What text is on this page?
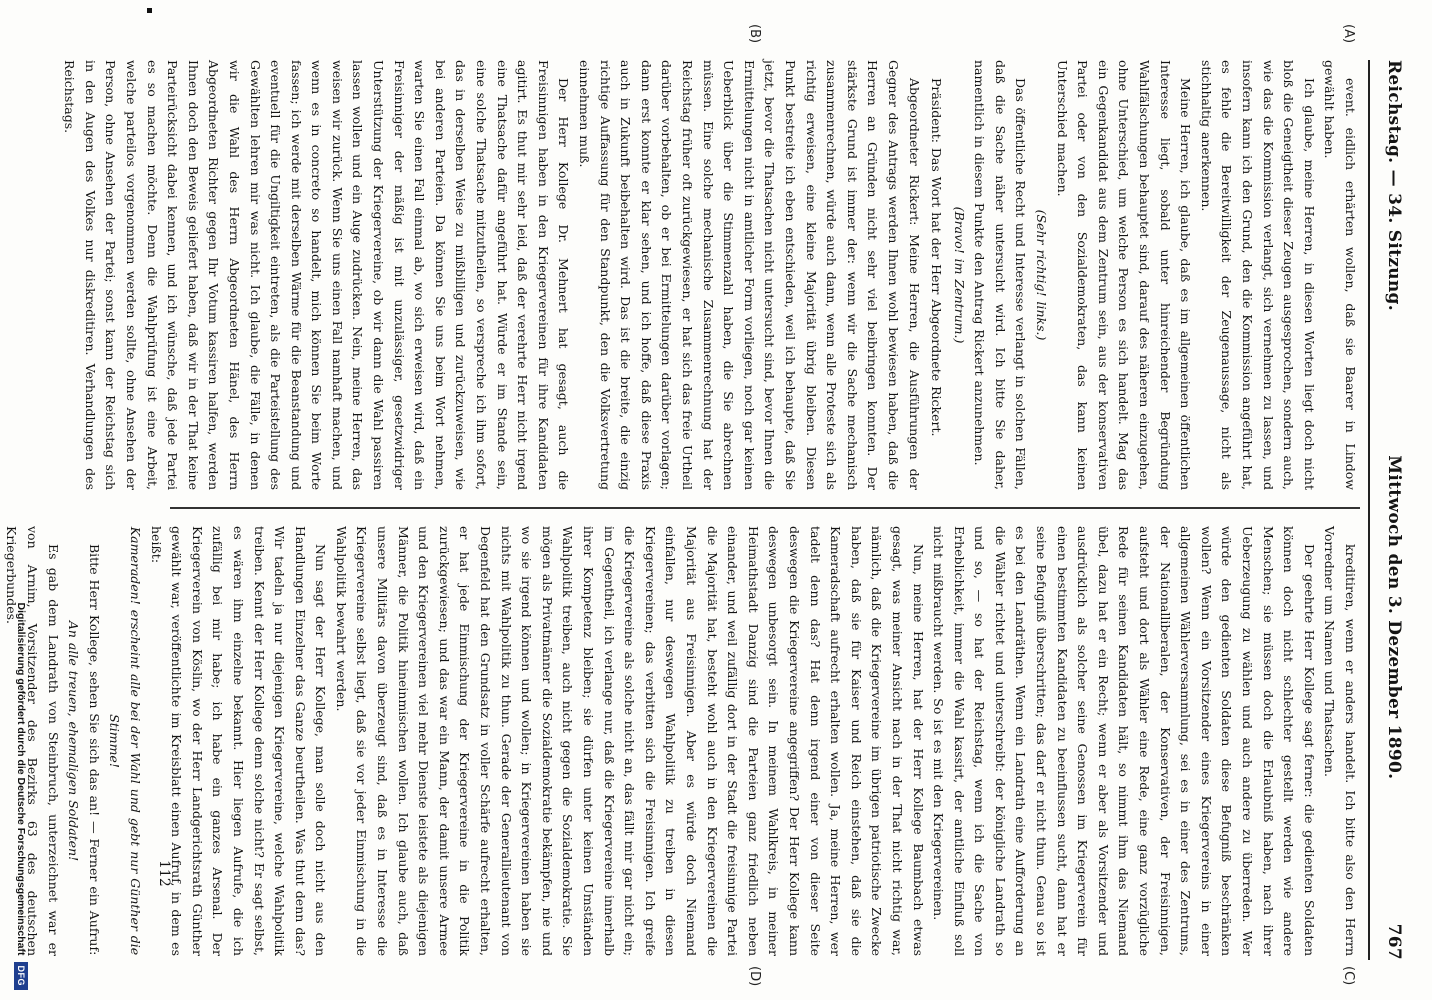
Reichstag. — 34. Sitzung.
Mittwoch den 3. Dezember 1890.
767
(A)
(B)
(C)
(D)

event. eidlich erhärten wollen, daß sie Baarer in Lindow gewählt haben.

Ich glaube, meine Herren, in diesen Worten liegt doch nicht bloß die Geneigtheit dieser Zeugen ausgesprochen, sondern auch, wie das die Kommission verlangt, sich vernehmen zu lassen, und insofern kann ich den Grund, den die Kommission angeführt hat, es fehle die Bereitwilligkeit der Zeugenaussage, nicht als stichhaltig anerkennen.

Meine Herren, ich glaube, daß es im allgemeinen öffentlichen Interesse liegt, sobald unter hinreichender Begründung Wahlfälschungen behauptet sind, darauf des näheren einzugehen, ohne Unterschied, um welche Person es sich handelt. Mag das ein Gegenkandidat aus dem Zentrum sein, aus der konservativen Partei oder von den Sozialdemokraten, das kann keinen Unterschied machen.

(Sehr richtig! links.)

Das öffentliche Recht und Interesse verlangt in solchen Fällen, daß die Sache näher untersucht wird. Ich bitte Sie daher, namentlich in diesem Punkte den Antrag Rickert anzunehmen.

(Bravo! im Zentrum.)

Präsident: Das Wort hat der Herr Abgeordnete Rickert.

Abgeordneter Rickert: Meine Herren, die Ausführungen der Gegner des Antrags werden Ihnen wohl bewiesen haben, daß die Herren an Gründen nicht sehr viel beibringen konnten. Der stärkste Grund ist immer der: wenn wir die Sache mechanisch zusammenrechnen, würde auch dann, wenn alle Proteste sich als richtig erweisen, eine kleine Majorität übrig bleiben. Diesen Punkt bestreite ich eben entschieden, weil ich behaupte, daß Sie jetzt, bevor die Thatsachen nicht untersucht sind, bevor Ihnen die Ermittelungen nicht in amtlicher Form vorliegen, noch gar keinen Ueberblick über die Stimmenzahl haben, die Sie abrechnen müssen. Eine solche mechanische Zusammenrechnung hat der Reichstag früher oft zurückgewiesen, er hat sich das freie Urtheil darüber vorbehalten, ob er bei Ermittelungen darüber vorlagen; dann erst konnte er klar sehen, und ich hoffe, daß diese Praxis auch in Zukunft beibehalten wird. Das ist die breite, die einzig richtige Auffassung für den Standpunkt, den die Volksvertretung einnehmen muß.

Der Herr Kollege Dr. Mehnert hat gesagt, auch die Freisinnigen haben in den Kriegervereinen für ihre Kandidaten agitirt. Es thut mir sehr leid, daß der verehrte Herr nicht irgend eine Thatsache dafür angeführt hat. Würde er im Stande sein, eine solche Thatsache mitzutheilen, so verspreche ich ihm sofort, das in derselben Weise zu mißbilligen und zurückzuweisen, wie bei anderen Parteien. Da können Sie uns beim Wort nehmen, warten Sie einen Fall einmal ab, wo sich erweisen wird, daß ein Freisinniger der mäßig ist mit unzulässiger, gesetzwidriger Unterstützung der Kriegervereine, ob wir dann die Wahl passiren lassen wollen und ein Auge zudrücken. Nein, meine Herren, das weisen wir zurück. Wenn Sie uns einen Fall namhaft machen, und wenn es in concreto so handelt, mich können Sie beim Worte fassen; ich werde mit derselben Wärme für die Beanstandung und eventuell für die Ungiltigkeit eintreten, als die Parteistellung des Gewählten lehren mir was nicht. Ich glaube, die Fälle, in denen wir die Wahl des Herrn Abgeordneten Hänel, des Herrn Abgeordneten Richter gegen Ihr Votum kassiren halfen, werden Ihnen doch den Beweis geliefert haben, daß wir in der That keine Parteirücksicht dabei kennen, und ich wünsche, daß jede Partei es so machen möchte. Denn die Wahlprüfung ist eine Arbeit, welche parteilos vorgenommen werden sollte, ohne Ansehen der Person, ohne Ansehen der Partei; sonst kann der Reichstag sich in den Augen des Volkes nur diskreditiren. Verhandlungen des Reichstags.

kreditiren, wenn er anders handelt. Ich bitte also den Herrn Vorredner um Namen und Thatsachen.

Der geehrte Herr Kollege sagt ferner: die gedienten Soldaten können doch nicht schlechter gestellt werden wie andere Menschen; sie müssen doch die Erlaubniß haben, nach ihrer Ueberzeugung zu wählen und auch andere zu überreden. Wer würde den gedienten Soldaten diese Befugniß beschränken wollen? Wenn ein Vorsitzender eines Kriegervereins in einer allgemeinen Wählerversammlung, sei es in einer des Zentrums, der Nationalliberalen, der Konservativen, der Freisinnigen, aufsteht und dort als Wähler eine Rede, eine ganz vorzügliche Rede für seinen Kandidaten hält, so nimmt ihm das Niemand übel, dazu hat er ein Recht; wenn er aber als Vorsitzender und ausdrücklich als solcher seine Genossen im Kriegerverein für einen bestimmten Kandidaten zu beeinflussen sucht, dann hat er seine Befugniß überschritten; das darf er nicht thun. Genau so ist es bei den Landräthen. Wenn ein Landrath eine Aufforderung an die Wähler richtet und unterschreibt: der königliche Landrath so und so, — so hat der Reichstag, wenn ich die Sache von Erheblichkeit, immer die Wahl kassirt, der amtliche Einfluß soll nicht mißbraucht werden. So ist es mit den Kriegervereinen.

Nun, meine Herren, hat der Herr Kollege Baumbach etwas gesagt, was meiner Ansicht nach in der That nicht richtig war, nämlich, daß die Kriegervereine im übrigen patriotische Zwecke haben, daß sie für Kaiser und Reich einstehen, daß sie die Kameradschaft aufrecht erhalten wollen. Ja, meine Herren, wer tadelt denn das? Hat denn irgend einer von dieser Seite deswegen die Kriegervereine angegriffen? Der Herr Kollege kann deswegen unbesorgt sein. In meinem Wahlkreis, in meiner Heimathstadt Danzig sind die Parteien ganz friedlich neben einander, und weil zufällig dort in der Stadt die freisinnige Partei die Majorität hat, besteht wohl auch in den Kriegervereinen die Majorität aus Freisinnigen. Aber es würde doch Niemand einfallen, nur deswegen Wahlpolitik zu treiben in diesen Kriegervereinen; das verbitten sich die Freisinnigen. Ich greife die Kriegervereine als solche nicht an, das fällt mir gar nicht ein; im Gegentheil, ich verlange nur, daß die Kriegervereine innerhalb ihrer Kompetenz bleiben; sie dürfen unter keinen Umständen Wahlpolitik treiben, auch nicht gegen die Sozialdemokratie. Sie mögen als Privatmänner die Sozialdemokratie bekämpfen, nie und wo sie irgend können und wollen; in Kriegervereinen haben sie nichts mit Wahlpolitik zu thun. Gerade der Generallieutenant von Degenfeld hat den Grundsatz in voller Schärfe aufrecht erhalten, er hat jede Einmischung der Kriegervereine in die Politik zurückgewiesen; und das war ein Mann, der damit unsere Armee und den Kriegervereinen viel mehr Dienste leistete als diejenigen Männer, die Politik hineinmischen wollen. Ich glaube auch, daß unsere Militärs davon überzeugt sind, daß es in Interesse die Kriegervereine selbst liegt, daß sie vor jeder Einmischung in die Wahlpolitik bewahrt werden.

Nun sagt der Herr Kollege, man solle doch nicht aus den Handlungen Einzelner das Ganze beurtheilen. Was thut denn das? Wir tadeln ja nur diejenigen Kriegervereine, welche Wahlpolitik treiben. Kennt der Herr Kollege denn solche nicht? Er sagt selbst, es wären ihm einzelne bekannt. Hier liegen Aufrufe, die ich zufällig bei mir habe; ich habe ein ganzes Arsenal. Der Kriegerverein von Köslin, wo der Herr Landgerichtsrath Günther gewählt war, veröffentlichte im Kreisblatt einen Aufruf, in dem es heißt:

Kameraden! erscheint alle bei der Wahl und gebt nur Günther die Stimme!

Bitte Herr Kollege, sehen Sie sich das an! — Ferner ein Aufruf:

An alle treuen, ehemaligen Soldaten!

Es gab dem Landrath von Steinbruch, unterzeichnet war er von Arnim, Vorsitzender des Bezirks 63 des deutschen Kriegerbundes.

112
Digitalisierung gefördert durch die Deutsche Forschungsgemeinschaft
DFG
